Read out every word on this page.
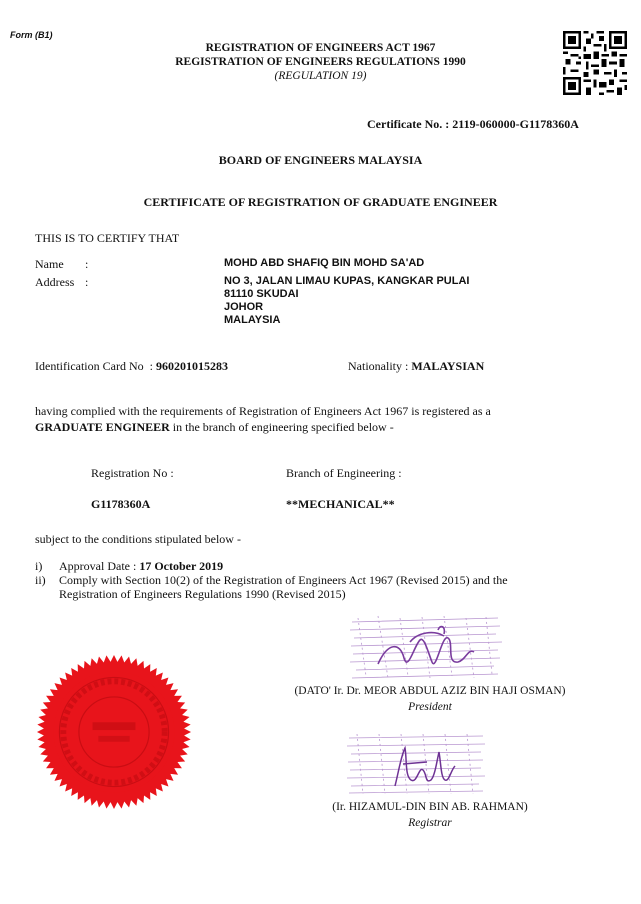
Form (B1)
REGISTRATION OF ENGINEERS ACT 1967
REGISTRATION OF ENGINEERS REGULATIONS 1990
(REGULATION 19)
Certificate No. : 2119-060000-G1178360A
BOARD OF ENGINEERS MALAYSIA
CERTIFICATE OF REGISTRATION OF GRADUATE ENGINEER
THIS IS TO CERTIFY THAT
Name :	MOHD ABD SHAFIQ BIN MOHD SA'AD
Address :	NO 3, JALAN LIMAU KUPAS, KANGKAR PULAI
81110 SKUDAI
JOHOR
MALAYSIA
Identification Card No : 960201015283	Nationality : MALAYSIAN
having complied with the requirements of Registration of Engineers Act 1967 is registered as a
GRADUATE ENGINEER in the branch of engineering specified below -
Registration No :	Branch of Engineering :
G1178360A	**MECHANICAL**
subject to the conditions stipulated below -
i) Approval Date : 17 October 2019
ii) Comply with Section 10(2) of the Registration of Engineers Act 1967 (Revised 2015) and the
Registration of Engineers Regulations 1990 (Revised 2015)
(DATO' Ir. Dr. MEOR ABDUL AZIZ BIN HAJI OSMAN)
President
(Ir. HIZAMUL-DIN BIN AB. RAHMAN)
Registrar
